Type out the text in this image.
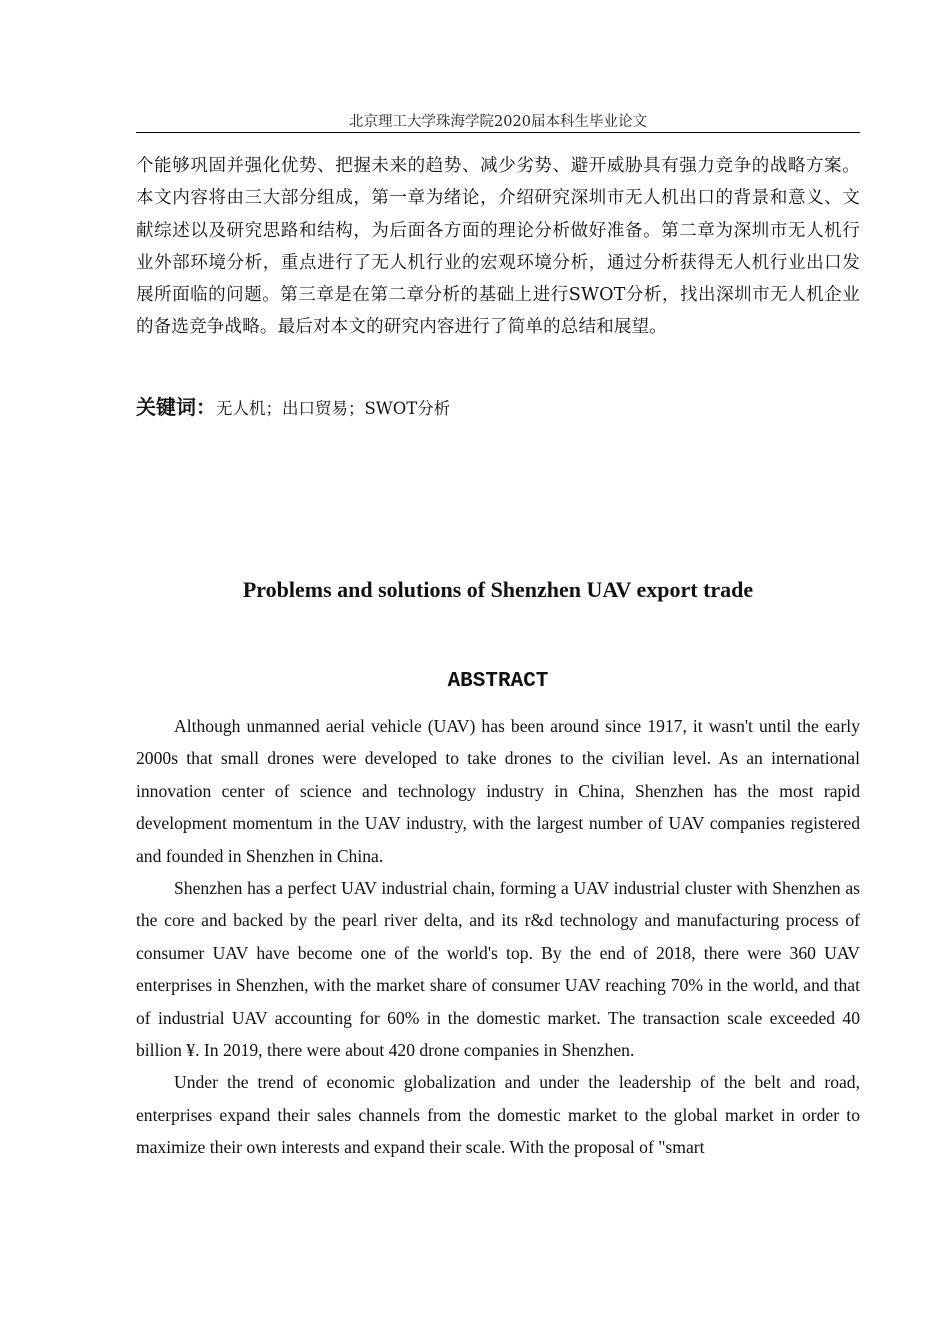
北京理工大学珠海学院2020届本科生毕业论文

个能够巩固并强化优势、把握未来的趋势、减少劣势、避开威胁具有强力竞争的战略方案。本文内容将由三大部分组成，第一章为绪论，介绍研究深圳市无人机出口的背景和意义、文献综述以及研究思路和结构，为后面各方面的理论分析做好准备。第二章为深圳市无人机行业外部环境分析，重点进行了无人机行业的宏观环境分析，通过分析获得无人机行业出口发展所面临的问题。第三章是在第二章分析的基础上进行SWOT分析，找出深圳市无人机企业的备选竞争战略。最后对本文的研究内容进行了简单的总结和展望。

关键词：无人机；出口贸易；SWOT分析
Problems and solutions of Shenzhen UAV export trade
ABSTRACT

Although unmanned aerial vehicle (UAV) has been around since 1917, it wasn't until the early 2000s that small drones were developed to take drones to the civilian level. As an international innovation center of science and technology industry in China, Shenzhen has the most rapid development momentum in the UAV industry, with the largest number of UAV companies registered and founded in Shenzhen in China.

Shenzhen has a perfect UAV industrial chain, forming a UAV industrial cluster with Shenzhen as the core and backed by the pearl river delta, and its r&d technology and manufacturing process of consumer UAV have become one of the world's top. By the end of 2018, there were 360 UAV enterprises in Shenzhen, with the market share of consumer UAV reaching 70% in the world, and that of industrial UAV accounting for 60% in the domestic market. The transaction scale exceeded 40 billion ¥. In 2019, there were about 420 drone companies in Shenzhen.

Under the trend of economic globalization and under the leadership of the belt and road, enterprises expand their sales channels from the domestic market to the global market in order to maximize their own interests and expand their scale. With the proposal of "smart
